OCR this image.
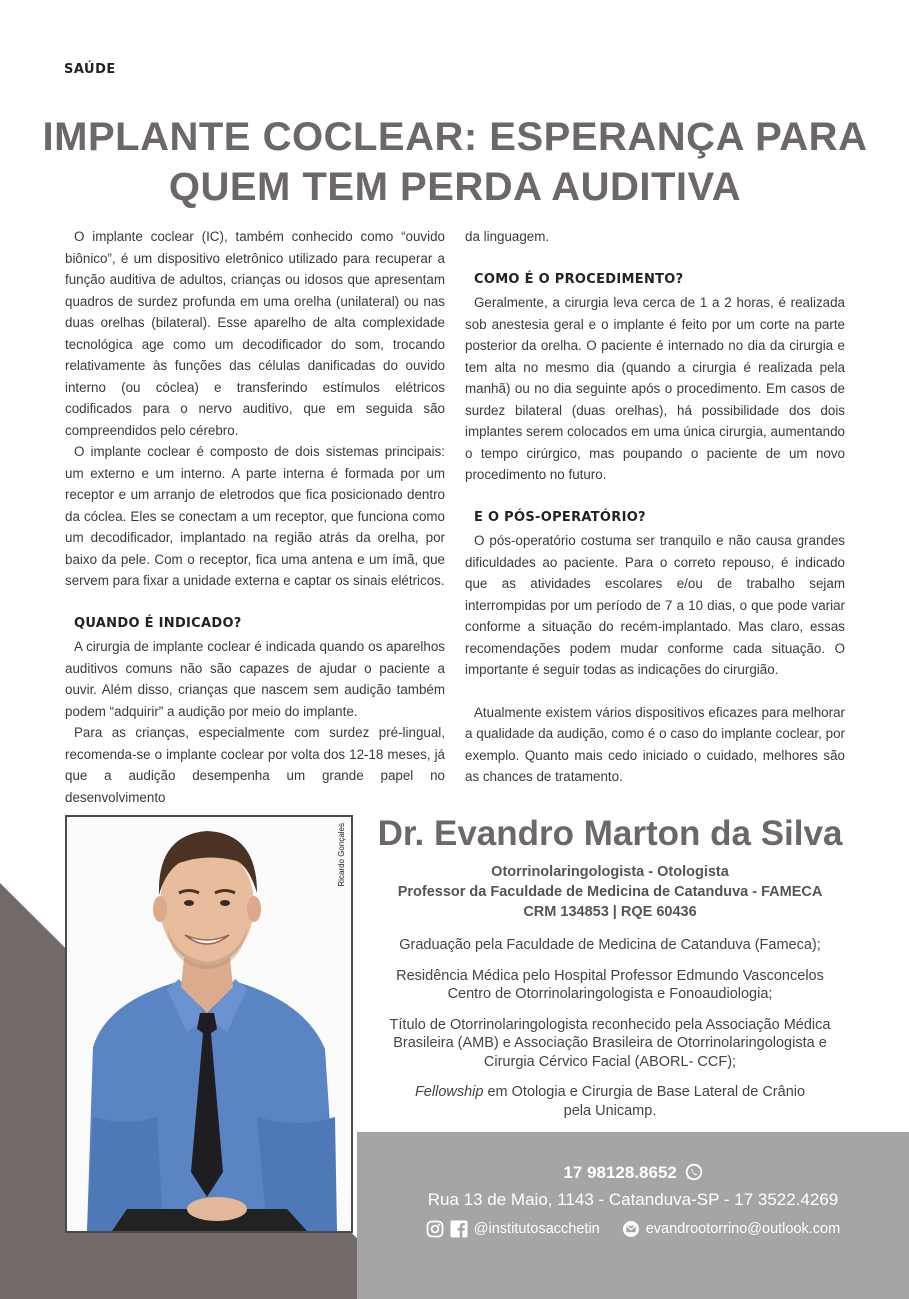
SAÚDE
IMPLANTE COCLEAR: ESPERANÇA PARA
QUEM TEM PERDA AUDITIVA

O implante coclear (IC), também conhecido como “ouvido biônico”, é um dispositivo eletrônico utilizado para recuperar a função auditiva de adultos, crianças ou idosos que apresentam quadros de surdez profunda em uma orelha (unilateral) ou nas duas orelhas (bilateral). Esse aparelho de alta complexidade tecnológica age como um decodificador do som, trocando relativamente às funções das células danificadas do ouvido interno (ou cóclea) e transferindo estímulos elétricos codificados para o nervo auditivo, que em seguida são compreendidos pelo cérebro.

O implante coclear é composto de dois sistemas principais: um externo e um interno. A parte interna é formada por um receptor e um arranjo de eletrodos que fica posicionado dentro da cóclea. Eles se conectam a um receptor, que funciona como um decodificador, implantado na região atrás da orelha, por baixo da pele. Com o receptor, fica uma antena e um ímã, que servem para fixar a unidade externa e captar os sinais elétricos.

QUANDO É INDICADO?

A cirurgia de implante coclear é indicada quando os aparelhos auditivos comuns não são capazes de ajudar o paciente a ouvir. Além disso, crianças que nascem sem audição também podem “adquirir” a audição por meio do implante.

Para as crianças, especialmente com surdez pré-lingual, recomenda-se o implante coclear por volta dos 12-18 meses, já que a audição desempenha um grande papel no desenvolvimento

da linguagem.

COMO É O PROCEDIMENTO?

Geralmente, a cirurgia leva cerca de 1 a 2 horas, é realizada sob anestesia geral e o implante é feito por um corte na parte posterior da orelha. O paciente é internado no dia da cirurgia e tem alta no mesmo dia (quando a cirurgia é realizada pela manhã) ou no dia seguinte após o procedimento. Em casos de surdez bilateral (duas orelhas), há possibilidade dos dois implantes serem colocados em uma única cirurgia, aumentando o tempo cirúrgico, mas poupando o paciente de um novo procedimento no futuro.

E O PÓS-OPERATÓRIO?

O pós-operatório costuma ser tranquilo e não causa grandes dificuldades ao paciente. Para o correto repouso, é indicado que as atividades escolares e/ou de trabalho sejam interrompidas por um período de 7 a 10 dias, o que pode variar conforme a situação do recém-implantado. Mas claro, essas recomendações podem mudar conforme cada situação. O importante é seguir todas as indicações do cirurgião.

Atualmente existem vários dispositivos eficazes para melhorar a qualidade da audição, como é o caso do implante coclear, por exemplo. Quanto mais cedo iniciado o cuidado, melhores são as chances de tratamento.

Ricardo Gonçales Dr. Evandro Marton da Silva
Otorrinolaringologista - Otologista
Professor da Faculdade de Medicina de Catanduva - FAMECA
CRM 134853 | RQE 60436
Graduação pela Faculdade de Medicina de Catanduva (Fameca);
Residência Médica pelo Hospital Professor Edmundo Vasconcelos
Centro de Otorrinolaringologista e Fonoaudiologia;
Título de Otorrinolaringologista reconhecido pela Associação Médica
Brasileira (AMB) e Associação Brasileira de Otorrinolaringologista e
Cirurgia Cérvico Facial (ABORL- CCF);
Fellowship em Otologia e Cirurgia de Base Lateral de Crânio
pela Unicamp.
17 98128.8652
Rua 13 de Maio, 1143 - Catanduva-SP - 17 3522.4269
@institutosacchetin	evandrootorrino@outlook.com
